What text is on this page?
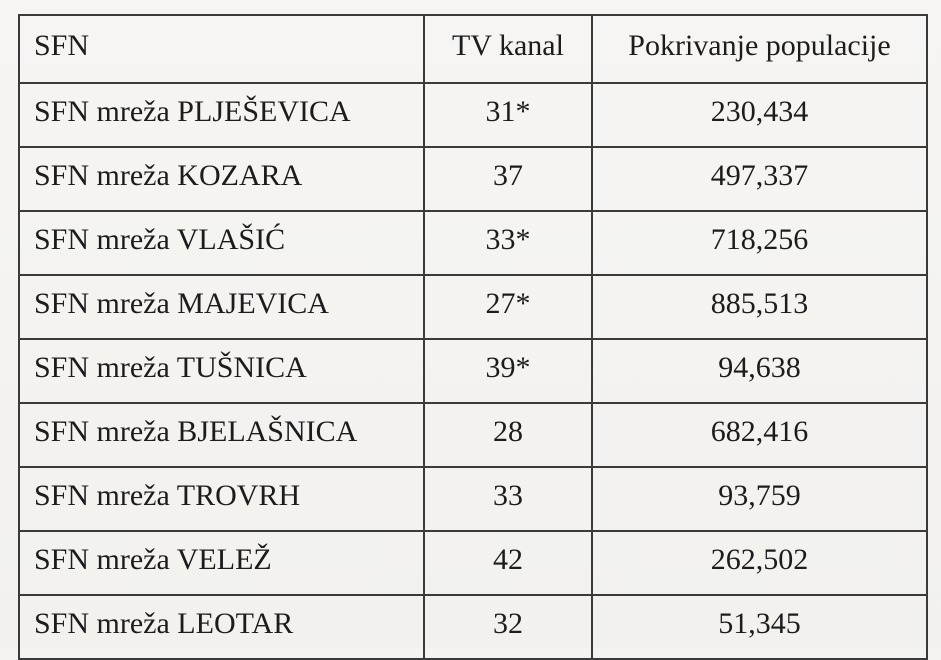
SFN	TV kanal	Pokrivanje populacije
SFN mreža PLJEŠEVICA	31*	230,434
SFN mreža KOZARA	37	497,337
SFN mreža VLAŠIĆ	33*	718,256
SFN mreža MAJEVICA	27*	885,513
SFN mreža TUŠNICA	39*	94,638
SFN mreža BJELAŠNICA	28	682,416
SFN mreža TROVRH	33	93,759
SFN mreža VELEŽ	42	262,502
SFN mreža LEOTAR	32	51,345
